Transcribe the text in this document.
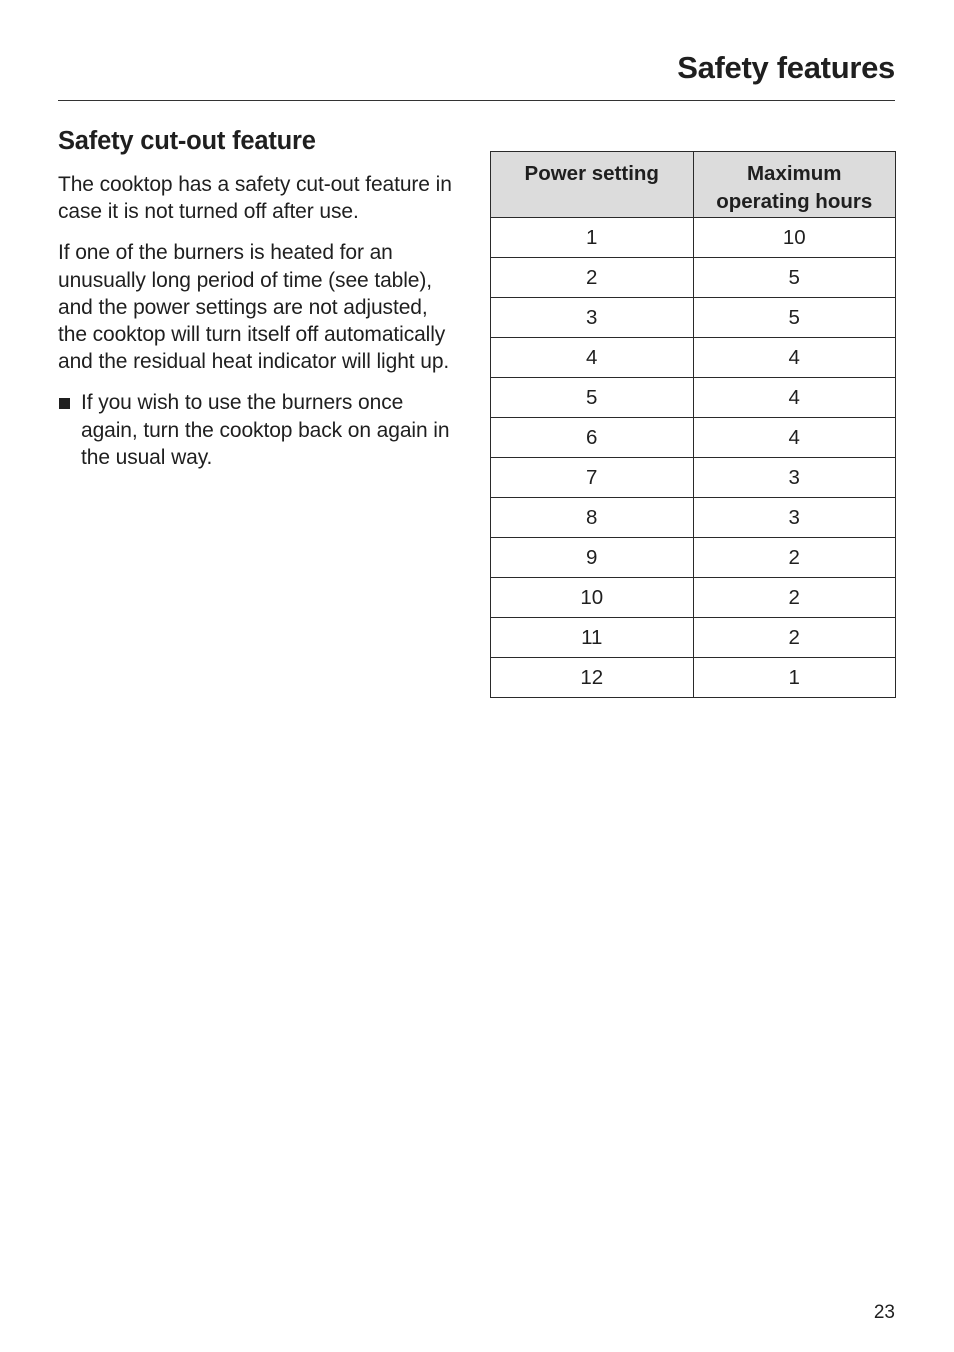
Safety features
Safety cut-out feature

The cooktop has a safety cut-out feature in case it is not turned off after use.

If one of the burners is heated for an unusually long period of time (see table), and the power settings are not adjusted, the cooktop will turn itself off automatically and the residual heat indicator will light up.

If you wish to use the burners once again, turn the cooktop back on again in the usual way.

Power setting	Maximum operating hours
1	10
2	5
3	5
4	4
5	4
6	4
7	3
8	3
9	2
10	2
11	2
12	1
23
